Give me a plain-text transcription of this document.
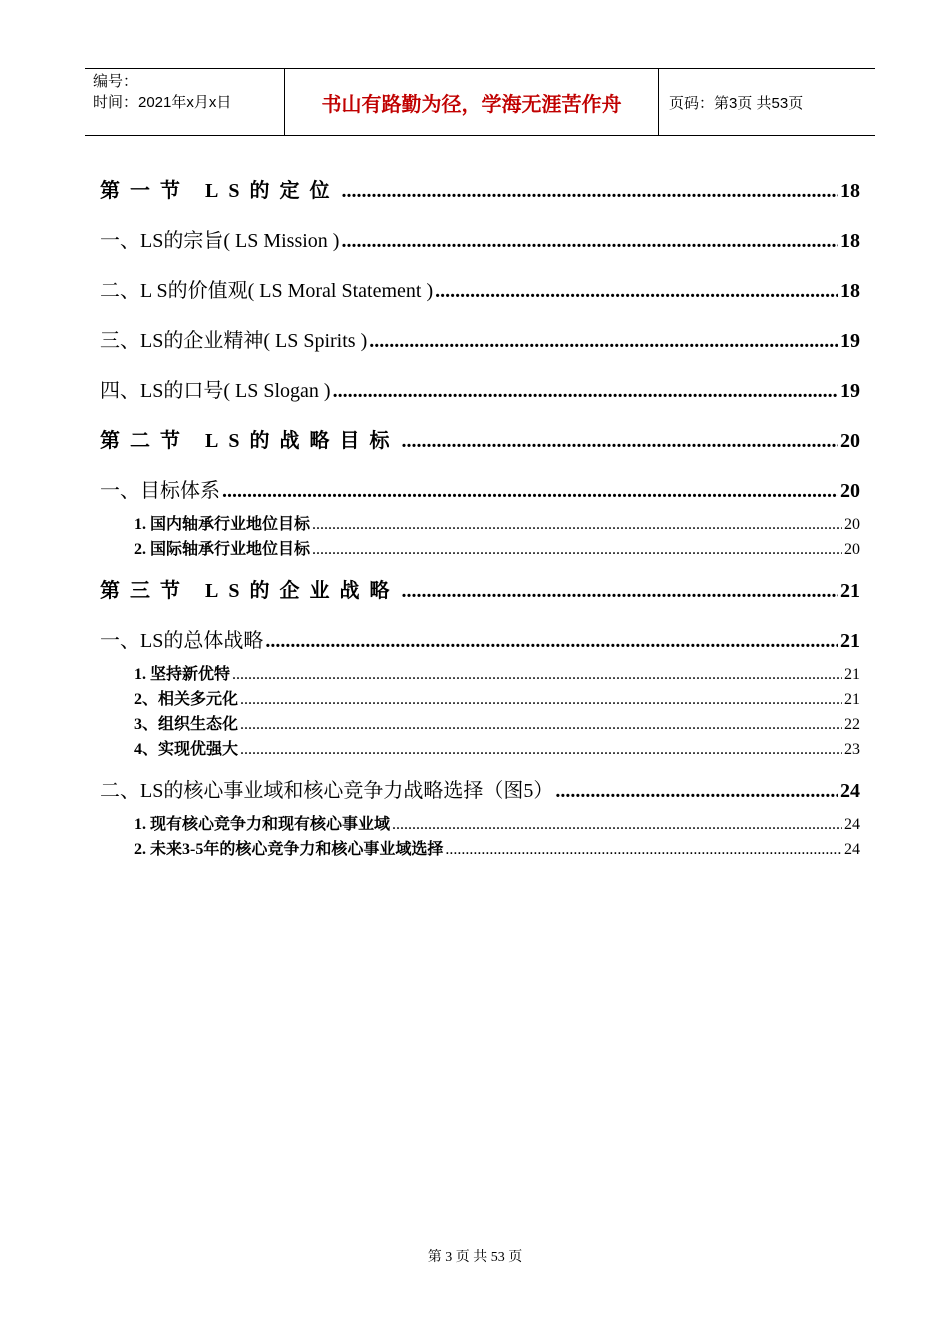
编号：
时间：2021年x月x日	书山有路勤为径，学海无涯苦作舟	页码：第3页 共53页
第一节 LS的定位 .....	18
一、LS的宗旨( LS Mission ) .....	18
二、L S的价值观( LS Moral Statement ) .....	18
三、LS的企业精神( LS Spirits ) .....	19
四、LS的口号( LS Slogan ) .....	19
第二节 LS的战略目标 .....	20
一、目标体系 .....	20
1. 国内轴承行业地位目标 .....	20
2. 国际轴承行业地位目标 .....	20
第三节 LS的企业战略 .....	21
一、LS的总体战略 .....	21
1. 坚持新优特 .....	21
2、相关多元化 .....	21
3、组织生态化 .....	22
4、实现优强大 .....	23
二、LS的核心事业域和核心竞争力战略选择（图5） .....	24
1. 现有核心竞争力和现有核心事业域 .....	24
2. 未来3-5年的核心竞争力和核心事业域选择 .....	24
第 3 页 共 53 页
